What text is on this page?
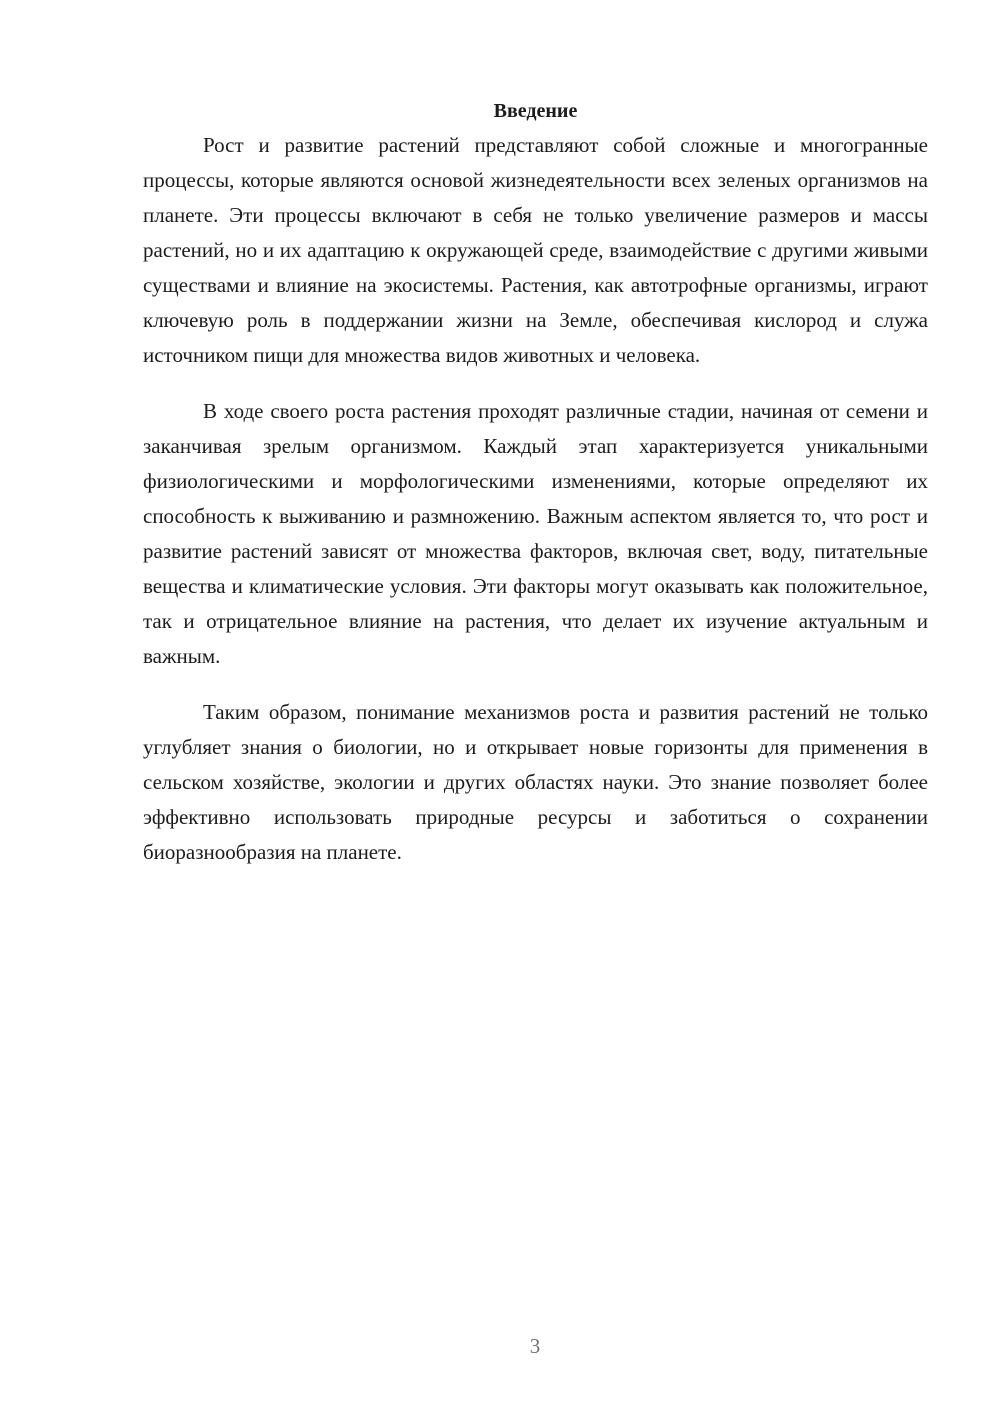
Введение

Рост и развитие растений представляют собой сложные и многогранные процессы, которые являются основой жизнедеятельности всех зеленых организмов на планете. Эти процессы включают в себя не только увеличение размеров и массы растений, но и их адаптацию к окружающей среде, взаимодействие с другими живыми существами и влияние на экосистемы. Растения, как автотрофные организмы, играют ключевую роль в поддержании жизни на Земле, обеспечивая кислород и служа источником пищи для множества видов животных и человека.

В ходе своего роста растения проходят различные стадии, начиная от семени и заканчивая зрелым организмом. Каждый этап характеризуется уникальными физиологическими и морфологическими изменениями, которые определяют их способность к выживанию и размножению. Важным аспектом является то, что рост и развитие растений зависят от множества факторов, включая свет, воду, питательные вещества и климатические условия. Эти факторы могут оказывать как положительное, так и отрицательное влияние на растения, что делает их изучение актуальным и важным.

Таким образом, понимание механизмов роста и развития растений не только углубляет знания о биологии, но и открывает новые горизонты для применения в сельском хозяйстве, экологии и других областях науки. Это знание позволяет более эффективно использовать природные ресурсы и заботиться о сохранении биоразнообразия на планете.

3
